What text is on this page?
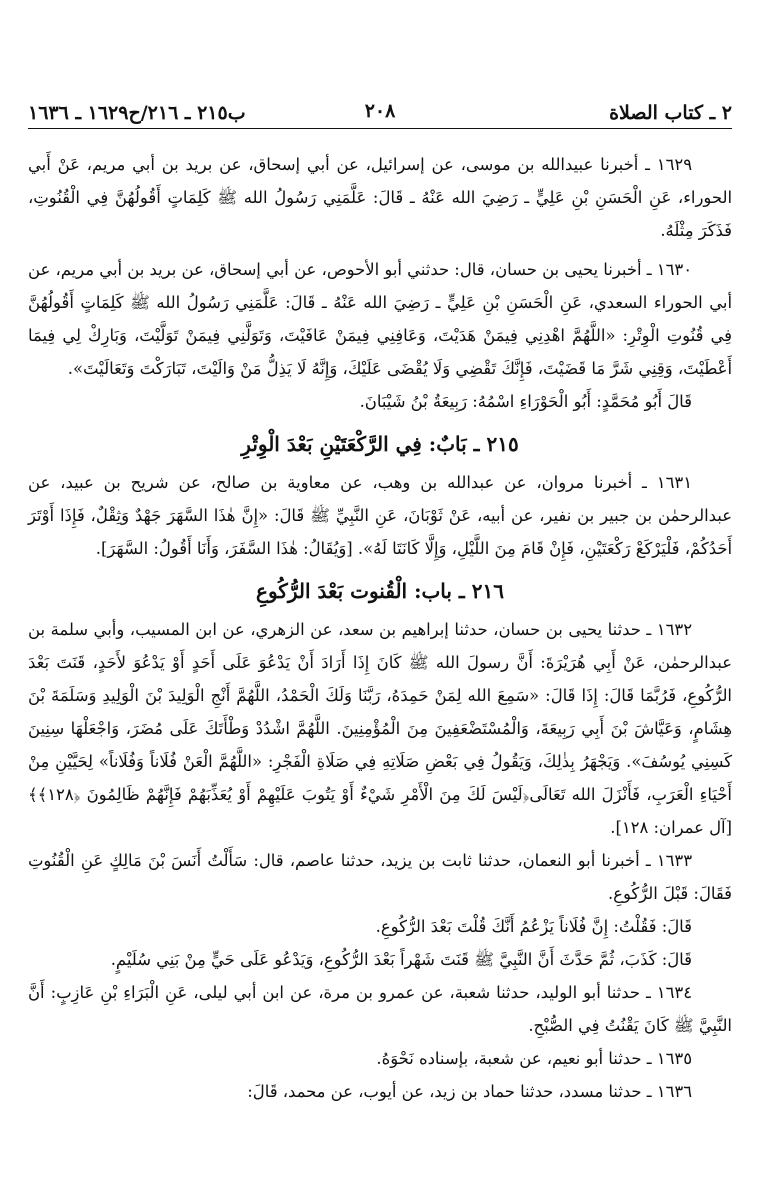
٢ ـ كتاب الصلاة
٢٠٨
ب٢١٥ ـ ٢١٦/ح١٦٢٩ ـ ١٦٣٦

١٦٢٩ ـ أخبرنا عبيدالله بن موسى، عن إسرائيل، عن أبي إسحاق، عن بريد بن أبي مريم، عَنْ أَبي الحوراء، عَنِ الْحَسَنِ بْنِ عَلِيٍّ ـ رَضِيَ الله عَنْهُ ـ قَالَ: عَلَّمَنِي رَسُولُ الله ﷺ كَلِمَاتٍ أَقُولُهُنَّ فِي الْقُنُوتِ، فَذَكَرَ مِثْلَهُ.

١٦٣٠ ـ أخبرنا يحيى بن حسان، قال: حدثني أبو الأحوص، عن أبي إسحاق، عن بريد بن أبي مريم، عن أبي الحوراء السعدي، عَنِ الْحَسَنِ بْنِ عَلِيٍّ ـ رَضِيَ الله عَنْهُ ـ قَالَ: عَلَّمَنِي رَسُولُ الله ﷺ كَلِمَاتٍ أَقُولُهُنَّ فِي قُنُوتِ الْوِتْرِ: «اللَّهُمَّ اهْدِنِي فِيمَنْ هَدَيْتَ، وَعَافِنِي فِيمَنْ عَافَيْتَ، وَتَوَلَّنِي فِيمَنْ تَوَلَّيْتَ، وَبَارِكْ لِي فِيمَا أَعْطَيْتَ، وَقِنِي شَرَّ مَا قَضَيْتَ، فَإِنَّكَ تَقْضِي وَلَا يُقْضَى عَلَيْكَ، وَإِنَّهُ لَا يَذِلُّ مَنْ وَالَيْتَ، تَبَارَكْتَ وَتَعَالَيْتَ».

قَالَ أَبُو مُحَمَّدٍ: أَبُو الْحَوْرَاءِ اسْمُهُ: رَبِيعَةُ بْنُ شَيْبَانَ.

٢١٥ ـ بَابٌ: فِي الرَّكْعَتَيْنِ بَعْدَ الْوِتْرِ

١٦٣١ ـ أخبرنا مروان، عن عبدالله بن وهب، عن معاوية بن صالح، عن شريح بن عبيد، عن عبدالرحمٰن بن جبير بن نفير، عن أبيه، عَنْ ثَوْبَانَ، عَنِ النَّبِيِّ ﷺ قَالَ: «إِنَّ هٰذَا السَّهَرَ جَهْدٌ وَثِقْلٌ، فَإِذَا أَوْتَرَ أَحَدُكُمْ، فَلْيَرْكَعْ رَكْعَتَيْنِ، فَإِنْ قَامَ مِنَ اللَّيْلِ، وَإِلَّا كَانَتَا لَهُ». [وَيُقَالُ: هٰذَا السَّفَرَ، وَأَنَا أَقُولُ: السَّهَرَ].

٢١٦ ـ باب: الْقُنوت بَعْدَ الرُّكُوعِ

١٦٣٢ ـ حدثنا يحيى بن حسان، حدثنا إبراهيم بن سعد، عن الزهري، عن ابن المسيب، وأبي سلمة بن عبدالرحمٰن، عَنْ أَبِي هُرَيْرَةَ: أَنَّ رسولَ الله ﷺ كَانَ إِذَا أَرَادَ أَنْ يَدْعُوَ عَلَى أَحَدٍ أَوْ يَدْعُوَ لأَحَدٍ، قَنَتَ بَعْدَ الرُّكُوعِ، فَرُبَّمَا قَالَ: إِذَا قَالَ: «سَمِعَ الله لِمَنْ حَمِدَهُ، رَبَّنَا وَلَكَ الْحَمْدُ، اللَّهُمَّ أَنْجِ الْوَلِيدَ بْنَ الْوَلِيدِ وَسَلَمَةَ بْنَ هِشَامٍ، وَعَيَّاشَ بْنَ أَبِي رَبِيعَةَ، وَالْمُسْتَضْعَفِينَ مِنَ الْمُؤْمِنِينَ. اللَّهُمَّ اشْدُدْ وَطْأَتَكَ عَلَى مُضَرَ، وَاجْعَلْهَا سِنِينَ كَسِنِي يُوسُفَ». وَيَجْهَرُ بِذٰلِكَ، وَيَقُولُ فِي بَعْضِ صَلَاتِهِ فِي صَلَاةِ الْفَجْرِ: «اللَّهُمَّ الْعَنْ فُلَاناً وَفُلَاناً» لِحَيَّيْنِ مِنْ أَحْيَاءِ الْعَرَبِ، فَأَنْزَلَ الله تَعَالَى﴿لَيْسَ لَكَ مِنَ الْأَمْرِ شَيْءٌ أَوْ يَتُوبَ عَلَيْهِمْ أَوْ يُعَذِّبَهُمْ فَإِنَّهُمْ ظَالِمُونَ ﴿١٢٨﴾﴾ [آل عمران: ١٢٨].

١٦٣٣ ـ أخبرنا أبو النعمان، حدثنا ثابت بن يزيد، حدثنا عاصم، قال: سَأَلْتُ أَنَسَ بْنَ مَالِكٍ عَنِ الْقُنُوتِ فَقَالَ: قَبْلَ الرُّكُوعِ.

قَالَ: فَقُلْتُ: إِنَّ فُلَاناً يَزْعُمُ أَنَّكَ قُلْتَ بَعْدَ الرُّكُوعِ.

قَالَ: كَذَبَ، ثُمَّ حَدَّثَ أَنَّ النَّبِيَّ ﷺ قَنَتَ شَهْراً بَعْدَ الرُّكُوعِ، وَيَدْعُو عَلَى حَيٍّ مِنْ بَنِي سُلَيْمٍ.

١٦٣٤ ـ حدثنا أبو الوليد، حدثنا شعبة، عن عمرو بن مرة، عن ابن أبي ليلى، عَنِ الْبَرَاءِ بْنِ عَازِبٍ: أَنَّ النَّبِيَّ ﷺ كَانَ يَقْنُتُ فِي الصُّبْحِ.

١٦٣٥ ـ حدثنا أبو نعيم، عن شعبة، بإسناده نَحْوَهُ.

١٦٣٦ ـ حدثنا مسدد، حدثنا حماد بن زيد، عن أيوب، عن محمد، قَالَ:
